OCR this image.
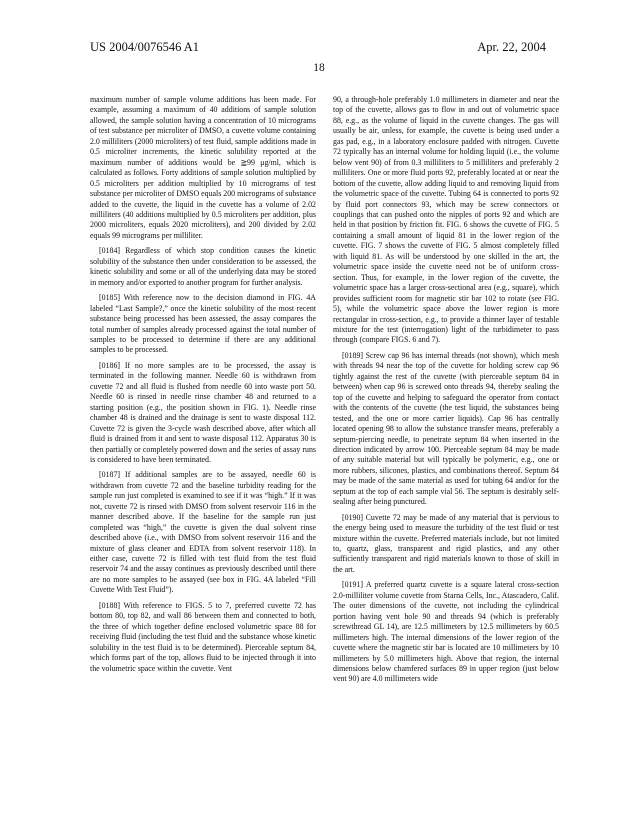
US 2004/0076546 A1	Apr. 22, 2004
18

maximum number of sample volume additions has been made. For example, assuming a maximum of 40 additions of sample solution allowed, the sample solution having a concentration of 10 micrograms of test substance per microliter of DMSO, a cuvette volume containing 2.0 milliliters (2000 microliters) of test fluid, sample additions made in 0.5 microliter increments, the kinetic solubility reported at the maximum number of additions would be ≧99 μg/ml, which is calculated as follows. Forty additions of sample solution multiplied by 0.5 microliters per addition multiplied by 10 micrograms of test substance per microliter of DMSO equals 200 micrograms of substance added to the cuvette, the liquid in the cuvette has a volume of 2.02 milliliters (40 additions multiplied by 0.5 microliters per addition, plus 2000 microliters, equals 2020 microliters), and 200 divided by 2.02 equals 99 micrograms per milliliter.

[0184] Regardless of which stop condition causes the kinetic solubility of the substance then under consideration to be assessed, the kinetic solubility and some or all of the underlying data may be stored in memory and/or exported to another program for further analysis.

[0185] With reference now to the decision diamond in FIG. 4A labeled “Last Sample?,” once the kinetic solubility of the most recent substance being processed has been assessed, the assay compares the total number of samples already processed against the total number of samples to be processed to determine if there are any additional samples to be processed.

[0186] If no more samples are to be processed, the assay is terminated in the following manner. Needle 60 is withdrawn from cuvette 72 and all fluid is flushed from needle 60 into waste port 50. Needle 60 is rinsed in needle rinse chamber 48 and returned to a starting position (e.g., the position shown in FIG. 1). Needle rinse chamber 48 is drained and the drainage is sent to waste disposal 112. Cuvette 72 is given the 3-cycle wash described above, after which all fluid is drained from it and sent to waste disposal 112. Apparatus 30 is then partially or completely powered down and the series of assay runs is considered to have been terminated.

[0187] If additional samples are to be assayed, needle 60 is withdrawn from cuvette 72 and the baseline turbidity reading for the sample run just completed is examined to see if it was “high.” If it was not, cuvette 72 is rinsed with DMSO from solvent reservoir 116 in the manner described above. If the baseline for the sample run just completed was “high,” the cuvette is given the dual solvent rinse described above (i.e., with DMSO from solvent reservoir 116 and the mixture of glass cleaner and EDTA from solvent reservoir 118). In either case, cuvette 72 is filled with test fluid from the test fluid reservoir 74 and the assay continues as previously described until there are no more samples to be assayed (see box in FIG. 4A labeled “Fill Cuvette With Test Fluid”).

[0188] With reference to FIGS. 5 to 7, preferred cuvette 72 has bottom 80, top 82, and wall 86 between them and connected to both, the three of which together define enclosed volumetric space 88 for receiving fluid (including the test fluid and the substance whose kinetic solubility in the test fluid is to be determined). Pierceable septum 84, which forms part of the top, allows fluid to be injected through it into the volumetric space within the cuvette. Vent

90, a through-hole preferably 1.0 millimeters in diameter and near the top of the cuvette, allows gas to flow in and out of volumetric space 88, e.g., as the volume of liquid in the cuvette changes. The gas will usually be air, unless, for example, the cuvette is being used under a gas pad, e.g., in a laboratory enclosure padded with nitrogen. Cuvette 72 typically has an internal volume for holding liquid (i.e., the volume below vent 90) of from 0.3 milliliters to 5 milliliters and preferably 2 milliliters. One or more fluid ports 92, preferably located at or near the bottom of the cuvette, allow adding liquid to and removing liquid from the volumetric space of the cuvette. Tubing 64 is connected to ports 92 by fluid port connectors 93, which may be screw connectors or couplings that can pushed onto the nipples of ports 92 and which are held in that position by friction fit. FIG. 6 shows the cuvette of FIG. 5 containing a small amount of liquid 81 in the lower region of the cuvette. FIG. 7 shows the cuvette of FIG. 5 almost completely filled with liquid 81. As will be understood by one skilled in the art, the volumetric space inside the cuvette need not be of uniform cross-section. Thus, for example, in the lower region of the cuvette, the volumetric space has a larger cross-sectional area (e.g., square), which provides sufficient room for magnetic stir bar 102 to rotate (see FIG. 5), while the volumetric space above the lower region is more rectangular in cross-section, e.g., to provide a thinner layer of testable mixture for the test (interrogation) light of the turbidimeter to pass through (compare FIGS. 6 and 7).

[0189] Screw cap 96 has internal threads (not shown), which mesh with threads 94 near the top of the cuvette for holding screw cap 96 tightly against the rest of the cuvette (with pierceable septum 84 in between) when cap 96 is screwed onto threads 94, thereby sealing the top of the cuvette and helping to safeguard the operator from contact with the contents of the cuvette (the test liquid, the substances being tested, and the one or more carrier liquids). Cap 96 has centrally located opening 98 to allow the substance transfer means, preferably a septum-piercing needle, to penetrate septum 84 when inserted in the direction indicated by arrow 100. Pierceable septum 84 may be made of any suitable material but will typically be polymeric, e.g., one or more rubbers, silicones, plastics, and combinations thereof. Septum 84 may be made of the same material as used for tubing 64 and/or for the septum at the top of each sample vial 56. The septum is desirably self-sealing after being punctured.

[0190] Cuvette 72 may be made of any material that is pervious to the energy being used to measure the turbidity of the test fluid or test mixture within the cuvette. Preferred materials include, but not limited to, quartz, glass, transparent and rigid plastics, and any other sufficiently transparent and rigid materials known to those of skill in the art.

[0191] A preferred quartz cuvette is a square lateral cross-section 2.0-milliliter volume cuvette from Starna Cells, Inc., Atascadero, Calif. The outer dimensions of the cuvette, not including the cylindrical portion having vent hole 90 and threads 94 (which is preferably screwthread GL 14), are 12.5 millimeters by 12.5 millimeters by 60.5 millimeters high. The internal dimensions of the lower region of the cuvette where the magnetic stir bar is located are 10 millimeters by 10 millimeters by 5.0 millimeters high. Above that region, the internal dimensions below chamfered surfaces 89 in upper region (just below vent 90) are 4.0 millimeters wide
